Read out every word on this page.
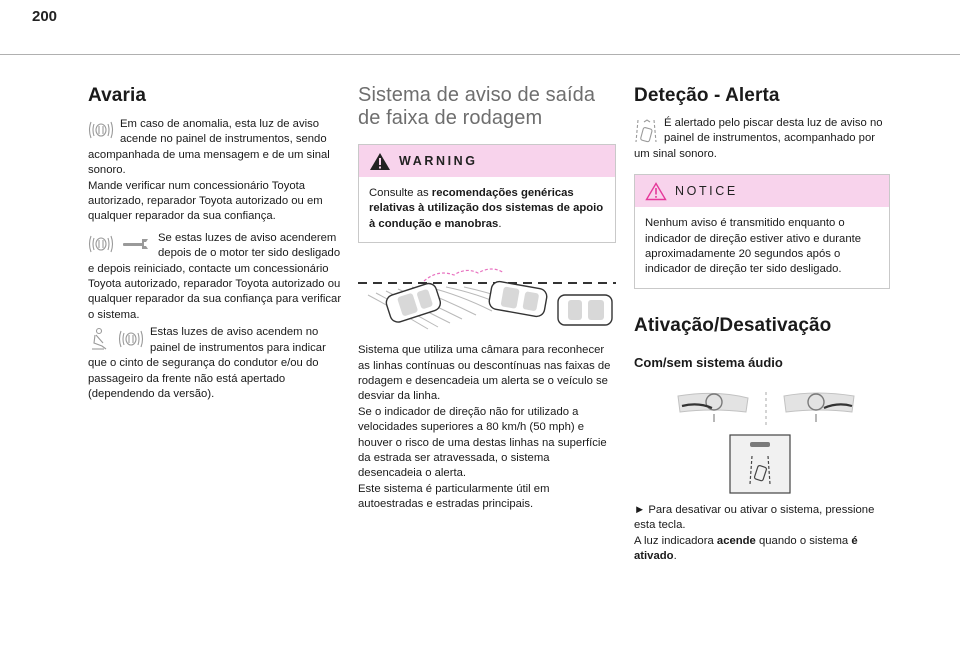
200
Avaria
Em caso de anomalia, esta luz de aviso acende no painel de instrumentos, sendo acompanhada de uma mensagem e de um sinal sonoro.

Mande verificar num concessionário Toyota autorizado, reparador Toyota autorizado ou em qualquer reparador da sua confiança.

Se estas luzes de aviso acenderem depois de o motor ter sido desligado e depois reiniciado, contacte um concessionário Toyota autorizado, reparador Toyota autorizado ou qualquer reparador da sua confiança para verificar o sistema.
Estas luzes de aviso acendem no painel de instrumentos para indicar que o cinto de segurança do condutor e/ou do passageiro da frente não está apertado (dependendo da versão).
Sistema de aviso de saída de faixa de rodagem
WARNING
Consulte as recomendações genéricas relativas à utilização dos sistemas de apoio à condução e manobras.

Sistema que utiliza uma câmara para reconhecer as linhas contínuas ou descontínuas nas faixas de rodagem e desencadeia um alerta se o veículo se desviar da linha.

Se o indicador de direção não for utilizado a velocidades superiores a 80 km/h (50 mph) e houver o risco de uma destas linhas na superfície da estrada ser atravessada, o sistema desencadeia o alerta.

Este sistema é particularmente útil em autoestradas e estradas principais.

Deteção - Alerta
É alertado pelo piscar desta luz de aviso no painel de instrumentos, acompanhado por um sinal sonoro.
NOTICE
Nenhum aviso é transmitido enquanto o indicador de direção estiver ativo e durante aproximadamente 20 segundos após o indicador de direção ter sido desligado.
Ativação/Desativação
Com/sem sistema áudio

► Para desativar ou ativar o sistema, pressione esta tecla.

A luz indicadora acende quando o sistema é ativado.
